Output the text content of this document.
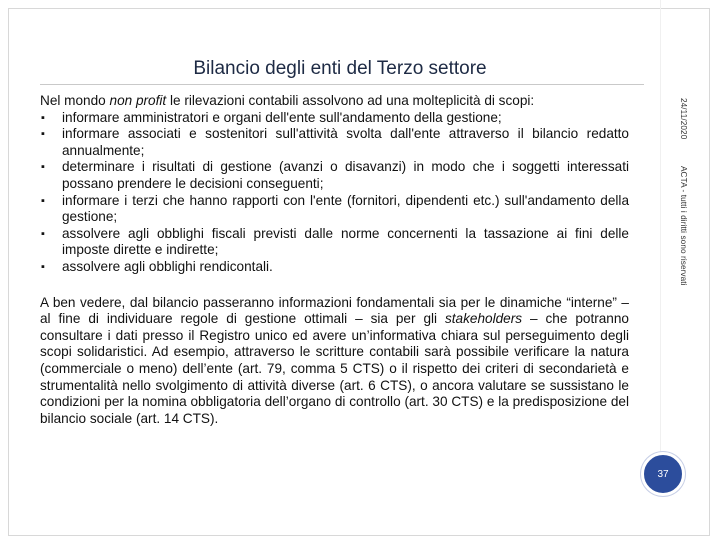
Bilancio degli enti del Terzo settore

Nel mondo non profit le rilevazioni contabili assolvono ad una molteplicità di scopi:

▪ informare amministratori e organi dell'ente sull'andamento della gestione;
▪ informare associati e sostenitori sull'attività svolta dall'ente attraverso il bilancio redatto annualmente;
▪ determinare i risultati di gestione (avanzi o disavanzi) in modo che i soggetti interessati possano prendere le decisioni conseguenti;
▪ informare i terzi che hanno rapporti con l'ente (fornitori, dipendenti etc.) sull'andamento della gestione;
▪ assolvere agli obblighi fiscali previsti dalle norme concernenti la tassazione ai fini delle imposte dirette e indirette;
▪ assolvere agli obblighi rendicontali.

A ben vedere, dal bilancio passeranno informazioni fondamentali sia per le dinamiche “interne” – al fine di individuare regole di gestione ottimali – sia per gli stakeholders – che potranno consultare i dati presso il Registro unico ed avere un’informativa chiara sul perseguimento degli scopi solidaristici. Ad esempio, attraverso le scritture contabili sarà possibile verificare la natura (commerciale o meno) dell’ente (art. 79, comma 5 CTS) o il rispetto dei criteri di secondarietà e strumentalità nello svolgimento di attività diverse (art. 6 CTS), o ancora valutare se sussistano le condizioni per la nomina obbligatoria dell’organo di controllo (art. 30 CTS) e la predisposizione del bilancio sociale (art. 14 CTS).

24/11/2020  ACTA - tutti i diritti sono riservati
37
